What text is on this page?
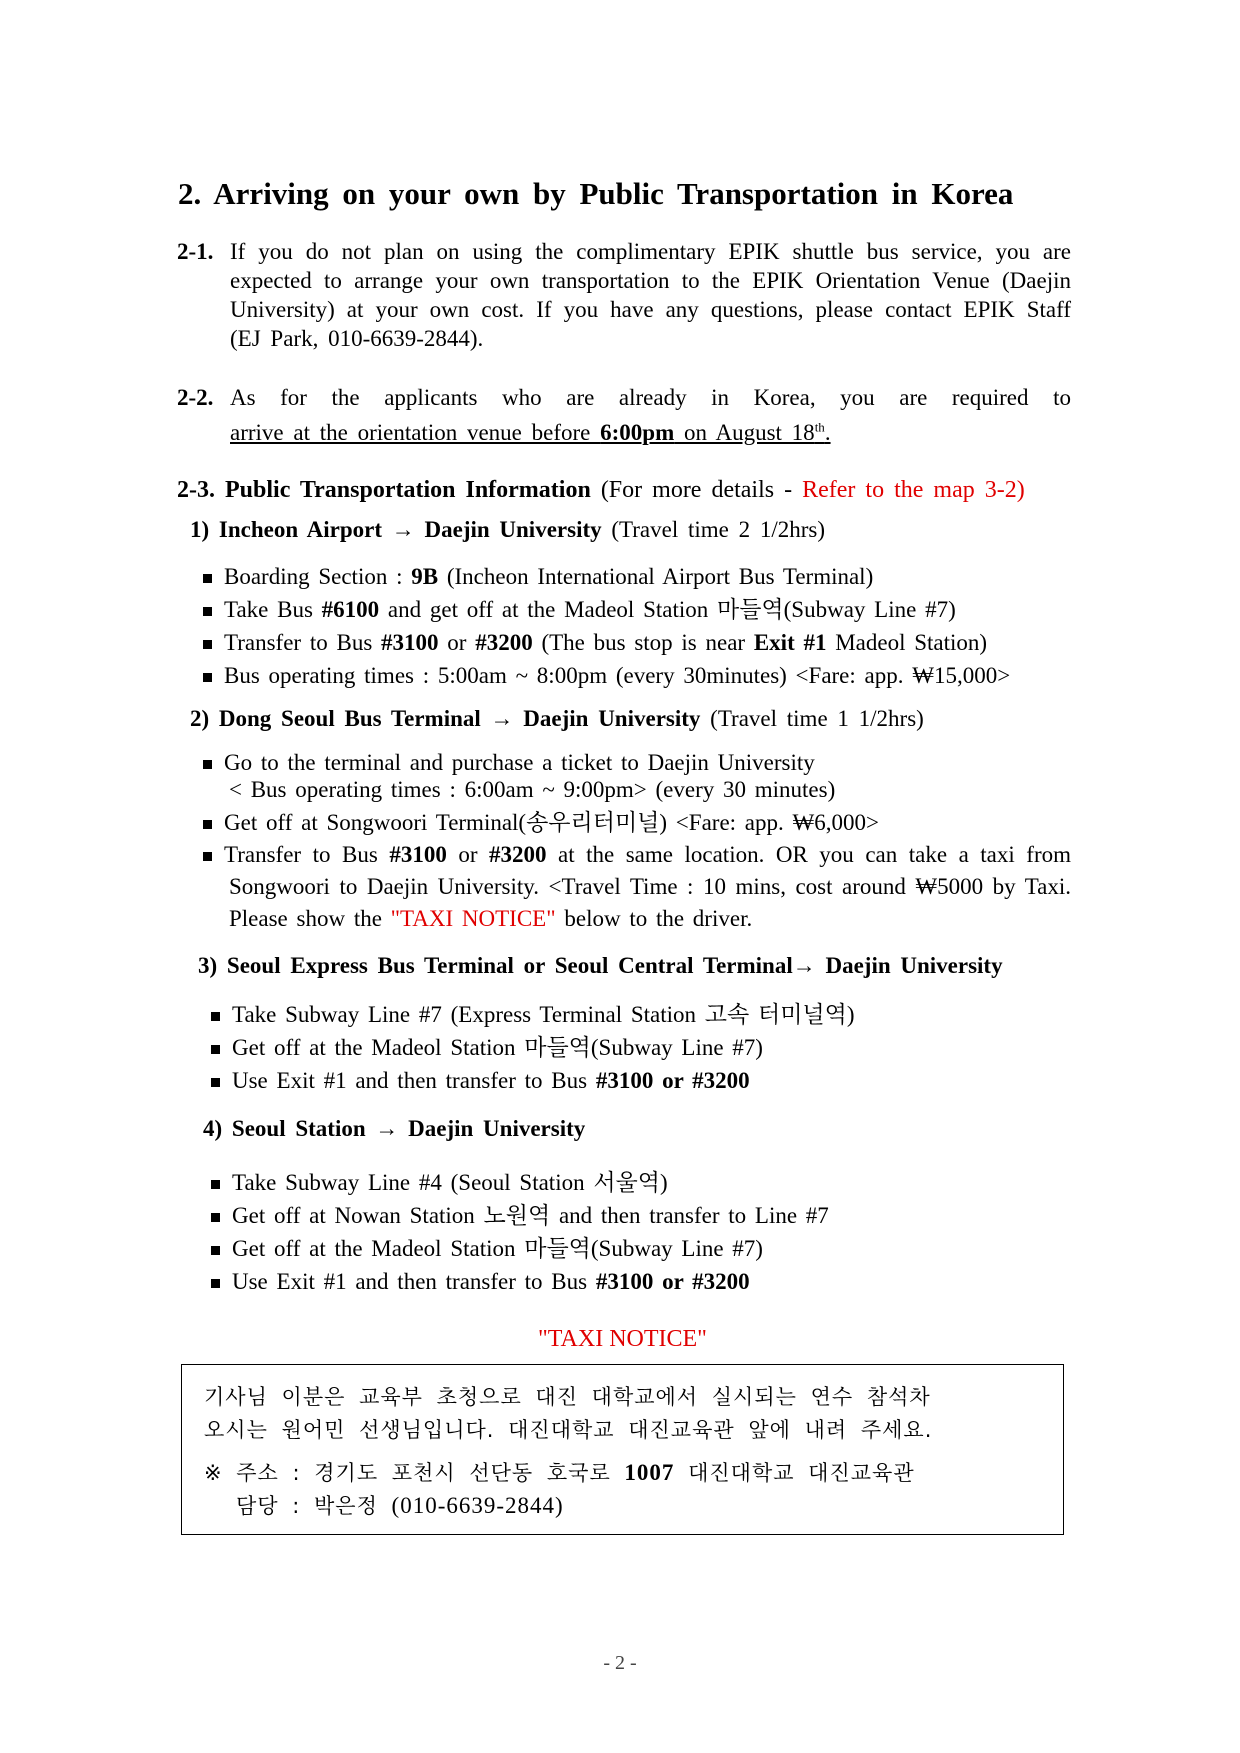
2. Arriving on your own by Public Transportation in Korea
2-1. If you do not plan on using the complimentary EPIK shuttle bus service, you are expected to arrange your own transportation to the EPIK Orientation Venue (Daejin University) at your own cost. If you have any questions, please contact EPIK Staff (EJ Park, 010-6639-2844).
2-2. As for the applicants who are already in Korea, you are required to
arrive at the orientation venue before 6:00pm on August 18th.
2-3. Public Transportation Information (For more details - Refer to the map 3-2)
1) Incheon Airport → Daejin University (Travel time 2 1/2hrs)
Boarding Section : 9B (Incheon International Airport Bus Terminal)
Take Bus #6100 and get off at the Madeol Station 마들역(Subway Line #7)
Transfer to Bus #3100 or #3200 (The bus stop is near Exit #1 Madeol Station)
Bus operating times : 5:00am ~ 8:00pm (every 30minutes) <Fare: app. ₩15,000>
2) Dong Seoul Bus Terminal → Daejin University (Travel time 1 1/2hrs)
Go to the terminal and purchase a ticket to Daejin University
< Bus operating times : 6:00am ~ 9:00pm> (every 30 minutes)
Get off at Songwoori Terminal(송우리터미널) <Fare: app. ₩6,000>
Transfer to Bus #3100 or #3200 at the same location. OR you can take a taxi from Songwoori to Daejin University. <Travel Time : 10 mins, cost around ₩5000 by Taxi. Please show the "TAXI NOTICE" below to the driver.
3) Seoul Express Bus Terminal or Seoul Central Terminal→ Daejin University
Take Subway Line #7 (Express Terminal Station 고속 터미널역)
Get off at the Madeol Station 마들역(Subway Line #7)
Use Exit #1 and then transfer to Bus #3100 or #3200
4) Seoul Station → Daejin University
Take Subway Line #4 (Seoul Station 서울역)
Get off at Nowan Station 노원역 and then transfer to Line #7
Get off at the Madeol Station 마들역(Subway Line #7)
Use Exit #1 and then transfer to Bus #3100 or #3200
"TAXI NOTICE"
기사님 이분은 교육부 초청으로 대진 대학교에서 실시되는 연수 참석차
오시는 원어민 선생님입니다. 대진대학교 대진교육관 앞에 내려 주세요.
※ 주소 : 경기도 포천시 선단동 호국로 1007 대진대학교 대진교육관
담당 : 박은정 (010-6639-2844)
- 2 -
